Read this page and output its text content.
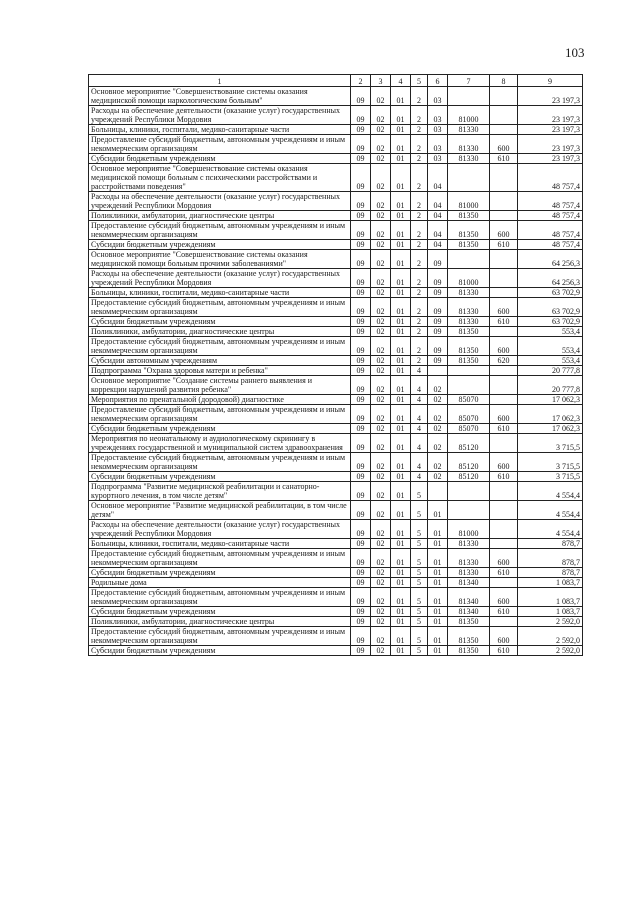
103
1	2	3	4	5	6	7	8	9
Основное мероприятие "Совершенствование системы оказания медицинской помощи наркологическим больным"	09	02	01	2	03			23 197,3
Расходы на обеспечение деятельности (оказание услуг) государственных учреждений Республики Мордовия	09	02	01	2	03	81000		23 197,3
Больницы, клиники, госпитали, медико-санитарные части	09	02	01	2	03	81330		23 197,3
Предоставление субсидий бюджетным, автономным учреждениям и иным некоммерческим организациям	09	02	01	2	03	81330	600	23 197,3
Субсидии бюджетным учреждениям	09	02	01	2	03	81330	610	23 197,3
Основное мероприятие "Совершенствование системы оказания медицинской помощи больным с психическими расстройствами и расстройствами поведения"	09	02	01	2	04			48 757,4
Расходы на обеспечение деятельности (оказание услуг) государственных учреждений Республики Мордовия	09	02	01	2	04	81000		48 757,4
Поликлиники, амбулатории, диагностические центры	09	02	01	2	04	81350		48 757,4
Предоставление субсидий бюджетным, автономным учреждениям и иным некоммерческим организациям	09	02	01	2	04	81350	600	48 757,4
Субсидии бюджетным учреждениям	09	02	01	2	04	81350	610	48 757,4
Основное мероприятие "Совершенствование системы оказания медицинской помощи больным прочими заболеваниями"	09	02	01	2	09			64 256,3
Расходы на обеспечение деятельности (оказание услуг) государственных учреждений Республики Мордовия	09	02	01	2	09	81000		64 256,3
Больницы, клиники, госпитали, медико-санитарные части	09	02	01	2	09	81330		63 702,9
Предоставление субсидий бюджетным, автономным учреждениям и иным некоммерческим организациям	09	02	01	2	09	81330	600	63 702,9
Субсидии бюджетным учреждениям	09	02	01	2	09	81330	610	63 702,9
Поликлиники, амбулатории, диагностические центры	09	02	01	2	09	81350		553,4
Предоставление субсидий бюджетным, автономным учреждениям и иным некоммерческим организациям	09	02	01	2	09	81350	600	553,4
Субсидии автономным учреждениям	09	02	01	2	09	81350	620	553,4
Подпрограмма "Охрана здоровья матери и ребенка"	09	02	01	4				20 777,8
Основное мероприятие "Создание системы раннего выявления и коррекции нарушений развития ребенка"	09	02	01	4	02			20 777,8
Мероприятия по пренатальной (дородовой) диагностике	09	02	01	4	02	85070		17 062,3
Предоставление субсидий бюджетным, автономным учреждениям и иным некоммерческим организациям	09	02	01	4	02	85070	600	17 062,3
Субсидии бюджетным учреждениям	09	02	01	4	02	85070	610	17 062,3
Мероприятия по неонатальному и аудиологическому скринингу в учреждениях государственной и муниципальной систем здравоохранения	09	02	01	4	02	85120		3 715,5
Предоставление субсидий бюджетным, автономным учреждениям и иным некоммерческим организациям	09	02	01	4	02	85120	600	3 715,5
Субсидии бюджетным учреждениям	09	02	01	4	02	85120	610	3 715,5
Подпрограмма "Развитие медицинской реабилитации и санаторно-курортного лечения, в том числе детям"	09	02	01	5				4 554,4
Основное мероприятие "Развитие медицинской реабилитации, в том числе детям"	09	02	01	5	01			4 554,4
Расходы на обеспечение деятельности (оказание услуг) государственных учреждений Республики Мордовия	09	02	01	5	01	81000		4 554,4
Больницы, клиники, госпитали, медико-санитарные части	09	02	01	5	01	81330		878,7
Предоставление субсидий бюджетным, автономным учреждениям и иным некоммерческим организациям	09	02	01	5	01	81330	600	878,7
Субсидии бюджетным учреждениям	09	02	01	5	01	81330	610	878,7
Родильные дома	09	02	01	5	01	81340		1 083,7
Предоставление субсидий бюджетным, автономным учреждениям и иным некоммерческим организациям	09	02	01	5	01	81340	600	1 083,7
Субсидии бюджетным учреждениям	09	02	01	5	01	81340	610	1 083,7
Поликлиники, амбулатории, диагностические центры	09	02	01	5	01	81350		2 592,0
Предоставление субсидий бюджетным, автономным учреждениям и иным некоммерческим организациям	09	02	01	5	01	81350	600	2 592,0
Субсидии бюджетным учреждениям	09	02	01	5	01	81350	610	2 592,0
